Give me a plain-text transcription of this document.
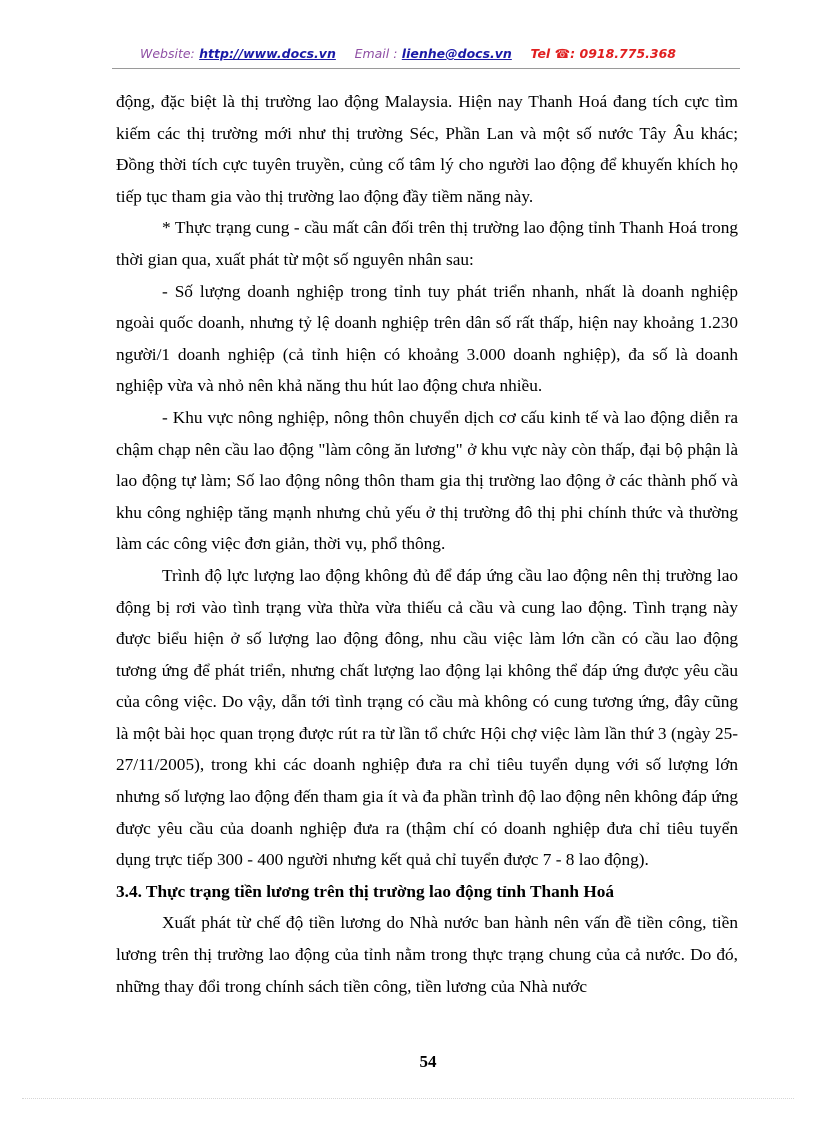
Website: http://www.docs.vn Email : lienhe@docs.vn Tel ☎: 0918.775.368

động, đặc biệt là thị trường lao động Malaysia. Hiện nay Thanh Hoá đang tích cực tìm kiếm các thị trường mới như thị trường Séc, Phần Lan và một số nước Tây Âu khác; Đồng thời tích cực tuyên truyền, củng cố tâm lý cho người lao động để khuyến khích họ tiếp tục tham gia vào thị trường lao động đầy tiềm năng này.

* Thực trạng cung - cầu mất cân đối trên thị trường lao động tỉnh Thanh Hoá trong thời gian qua, xuất phát từ một số nguyên nhân sau:

- Số lượng doanh nghiệp trong tỉnh tuy phát triển nhanh, nhất là doanh nghiệp ngoài quốc doanh, nhưng tỷ lệ doanh nghiệp trên dân số rất thấp, hiện nay khoảng 1.230 người/1 doanh nghiệp (cả tỉnh hiện có khoảng 3.000 doanh nghiệp), đa số là doanh nghiệp vừa và nhỏ nên khả năng thu hút lao động chưa nhiều.

- Khu vực nông nghiệp, nông thôn chuyển dịch cơ cấu kinh tế và lao động diễn ra chậm chạp nên cầu lao động "làm công ăn lương" ở khu vực này còn thấp, đại bộ phận là lao động tự làm; Số lao động nông thôn tham gia thị trường lao động ở các thành phố và khu công nghiệp tăng mạnh nhưng chủ yếu ở thị trường đô thị phi chính thức và thường làm các công việc đơn giản, thời vụ, phổ thông.

Trình độ lực lượng lao động không đủ để đáp ứng cầu lao động nên thị trường lao động bị rơi vào tình trạng vừa thừa vừa thiếu cả cầu và cung lao động. Tình trạng này được biểu hiện ở số lượng lao động đông, nhu cầu việc làm lớn cần có cầu lao động tương ứng để phát triển, nhưng chất lượng lao động lại không thể đáp ứng được yêu cầu của công việc. Do vậy, dẫn tới tình trạng có cầu mà không có cung tương ứng, đây cũng là một bài học quan trọng được rút ra từ lần tổ chức Hội chợ việc làm lần thứ 3 (ngày 25-27/11/2005), trong khi các doanh nghiệp đưa ra chỉ tiêu tuyển dụng với số lượng lớn nhưng số lượng lao động đến tham gia ít và đa phần trình độ lao động nên không đáp ứng được yêu cầu của doanh nghiệp đưa ra (thậm chí có doanh nghiệp đưa chỉ tiêu tuyển dụng trực tiếp 300 - 400 người nhưng kết quả chỉ tuyển được 7 - 8 lao động).

3.4. Thực trạng tiền lương trên thị trường lao động tỉnh Thanh Hoá

Xuất phát từ chế độ tiền lương do Nhà nước ban hành nên vấn đề tiền công, tiền lương trên thị trường lao động của tỉnh nằm trong thực trạng chung của cả nước. Do đó, những thay đổi trong chính sách tiền công, tiền lương của Nhà nước

54
